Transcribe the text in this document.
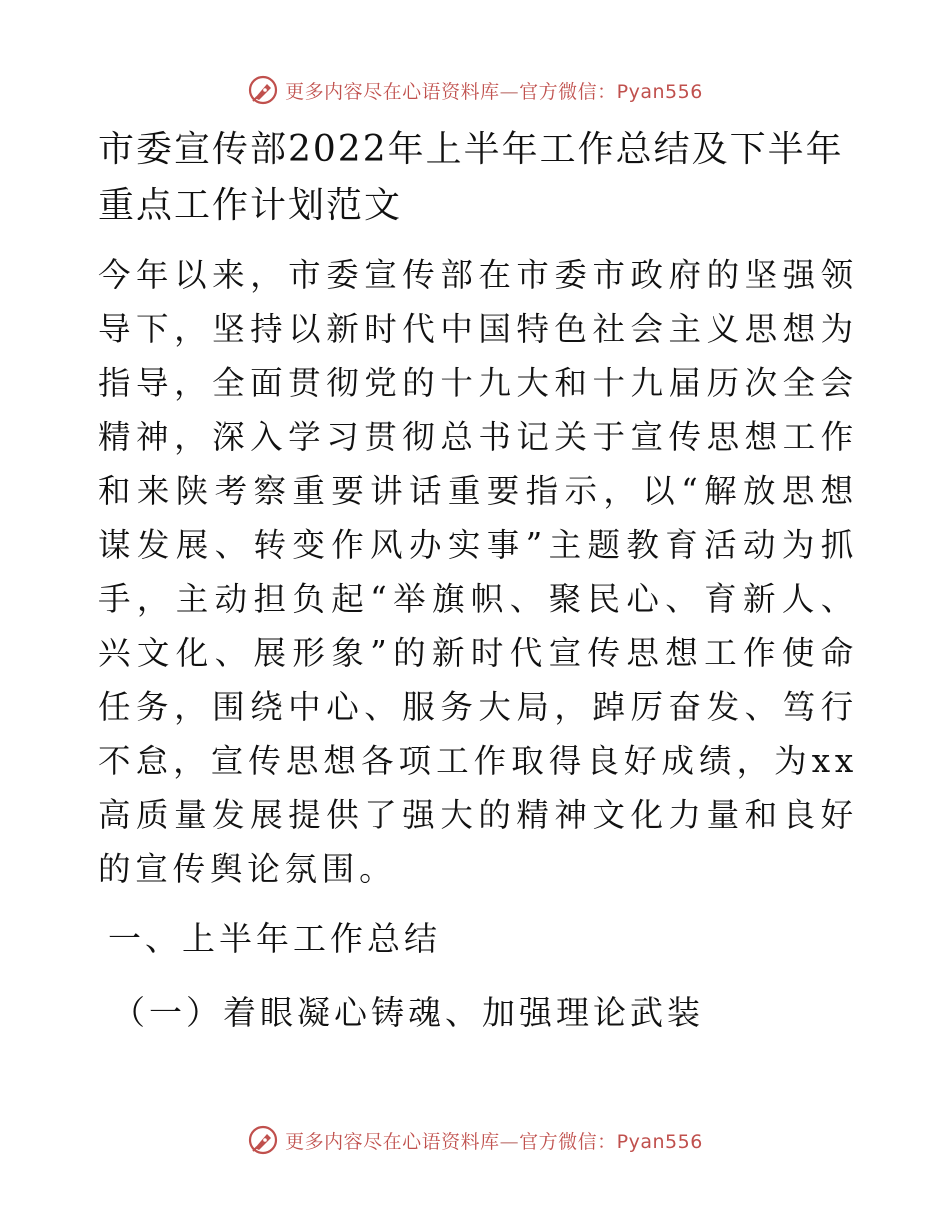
更多内容尽在心语资料库—官方微信：Pyan556
市委宣传部2022年上半年工作总结及下半年重点工作计划范文

今年以来，市委宣传部在市委市政府的坚强领导下，坚持以新时代中国特色社会主义思想为指导，全面贯彻党的十九大和十九届历次全会精神，深入学习贯彻总书记关于宣传思想工作和来陕考察重要讲话重要指示，以“解放思想谋发展、转变作风办实事”主题教育活动为抓手，主动担负起“举旗帜、聚民心、育新人、兴文化、展形象”的新时代宣传思想工作使命任务，围绕中心、服务大局，踔厉奋发、笃行不怠，宣传思想各项工作取得良好成绩，为xx高质量发展提供了强大的精神文化力量和良好的宣传舆论氛围。

一、上半年工作总结
（一）着眼凝心铸魂、加强理论武装
更多内容尽在心语资料库—官方微信：Pyan556
